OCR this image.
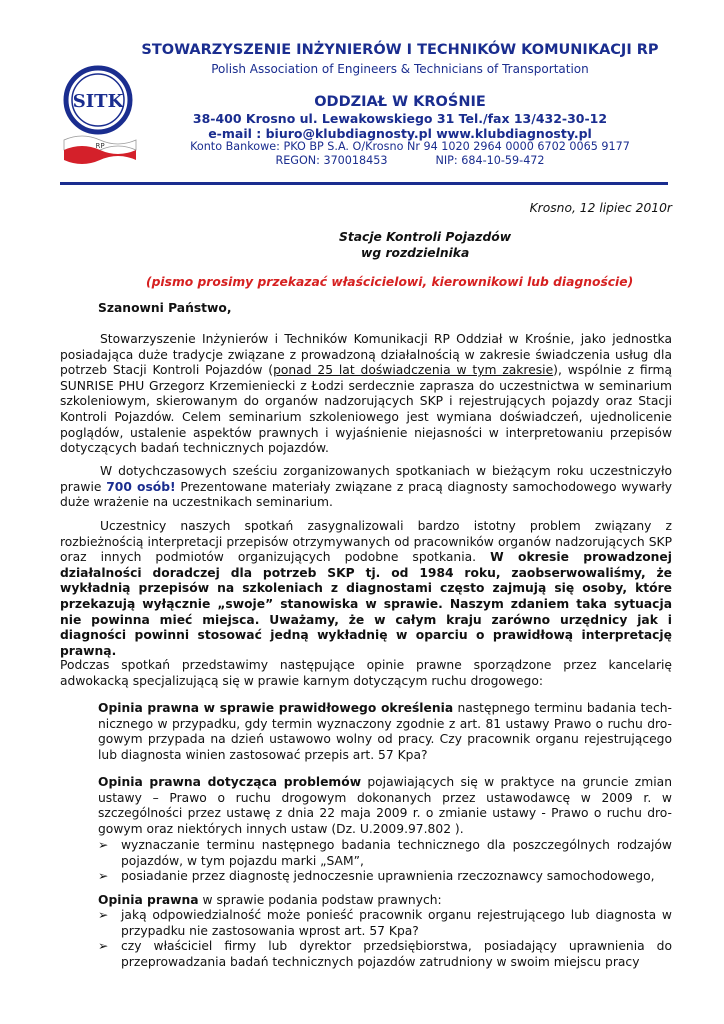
SITK
RP
STOWARZYSZENIE INŻYNIERÓW I TECHNIKÓW KOMUNIKACJI RP
Polish Association of Engineers & Technicians of Transportation
ODDZIAŁ W KROŚNIE
38-400 Krosno ul. Lewakowskiego 31 Tel./fax 13/432-30-12
e-mail : biuro@klubdiagnosty.pl www.klubdiagnosty.pl
Konto Bankowe: PKO BP S.A. O/Krosno Nr 94 1020 2964 0000 6702 0065 9177
REGON: 370018453	NIP: 684-10-59-472
Krosno, 12 lipiec 2010r
Stacje Kontroli Pojazdów
wg rozdzielnika
(pismo prosimy przekazać właścicielowi, kierownikowi lub diagnoście)
Szanowni Państwo,
Stowarzyszenie Inżynierów i Techników Komunikacji RP Oddział w Krośnie, jako jednostka posiadająca duże tradycje związane z prowadzoną działalnością w zakresie świadczenia usług dla potrzeb Stacji Kontroli Pojazdów (ponad 25 lat doświadczenia w tym zakresie), wspólnie z firmą SUNRISE PHU Grzegorz Krzemieniecki z Łodzi serdecznie zaprasza do uczestnictwa w seminarium szkoleniowym, skierowanym do organów nadzorujących SKP i rejestrujących pojazdy oraz Stacji Kontroli Pojazdów. Celem seminarium szkoleniowego jest wymiana doświadczeń, ujednolicenie poglądów, ustalenie aspektów prawnych i wyjaśnienie niejasności w interpretowaniu przepisów dotyczących badań technicznych pojazdów.
W dotychczasowych sześciu zorganizowanych spotkaniach w bieżącym roku uczestniczyło prawie 700 osób! Prezentowane materiały związane z pracą diagnosty samochodowego wywarły duże wrażenie na uczestnikach seminarium.
Uczestnicy naszych spotkań zasygnalizowali bardzo istotny problem związany z rozbieżnością interpretacji przepisów otrzymywanych od pracowników organów nadzorujących SKP oraz innych podmiotów organizujących podobne spotkania. W okresie prowadzonej działalności doradczej dla potrzeb SKP tj. od 1984 roku, zaobserwowaliśmy, że wykładnią przepisów na szkoleniach z diagnostami często zajmują się osoby, które przekazują wyłącznie „swoje” stanowiska w sprawie. Naszym zdaniem taka sytuacja nie powinna mieć miejsca. Uważamy, że w całym kraju zarówno urzędnicy jak i diagności powinni stosować jedną wykładnię w oparciu o prawidłową interpretację prawną.
Podczas spotkań przedstawimy następujące opinie prawne sporządzone przez kancelarię adwokacką specjalizującą się w prawie karnym dotyczącym ruchu drogowego:
Opinia prawna w sprawie prawidłowego określenia następnego terminu badania tech-nicznego w przypadku, gdy termin wyznaczony zgodnie z art. 81 ustawy Prawo o ruchu dro-gowym przypada na dzień ustawowo wolny od pracy. Czy pracownik organu rejestrującego lub diagnosta winien zastosować przepis art. 57 Kpa?
Opinia prawna dotycząca problemów pojawiających się w praktyce na gruncie zmian ustawy – Prawo o ruchu drogowym dokonanych przez ustawodawcę w 2009 r. w szczególności przez ustawę z dnia 22 maja 2009 r. o zmianie ustawy - Prawo o ruchu dro-gowym oraz niektórych innych ustaw (Dz. U.2009.97.802 ).
➢ wyznaczanie terminu następnego badania technicznego dla poszczególnych rodzajów pojazdów, w tym pojazdu marki „SAM”,
➢ posiadanie przez diagnostę jednoczesnie uprawnienia rzeczoznawcy samochodowego,
Opinia prawna w sprawie podania podstaw prawnych:
➢ jaką odpowiedzialność może ponieść pracownik organu rejestrującego lub diagnosta w przypadku nie zastosowania wprost art. 57 Kpa?
➢ czy właściciel firmy lub dyrektor przedsiębiorstwa, posiadający uprawnienia do przeprowadzania badań technicznych pojazdów zatrudniony w swoim miejscu pracy
